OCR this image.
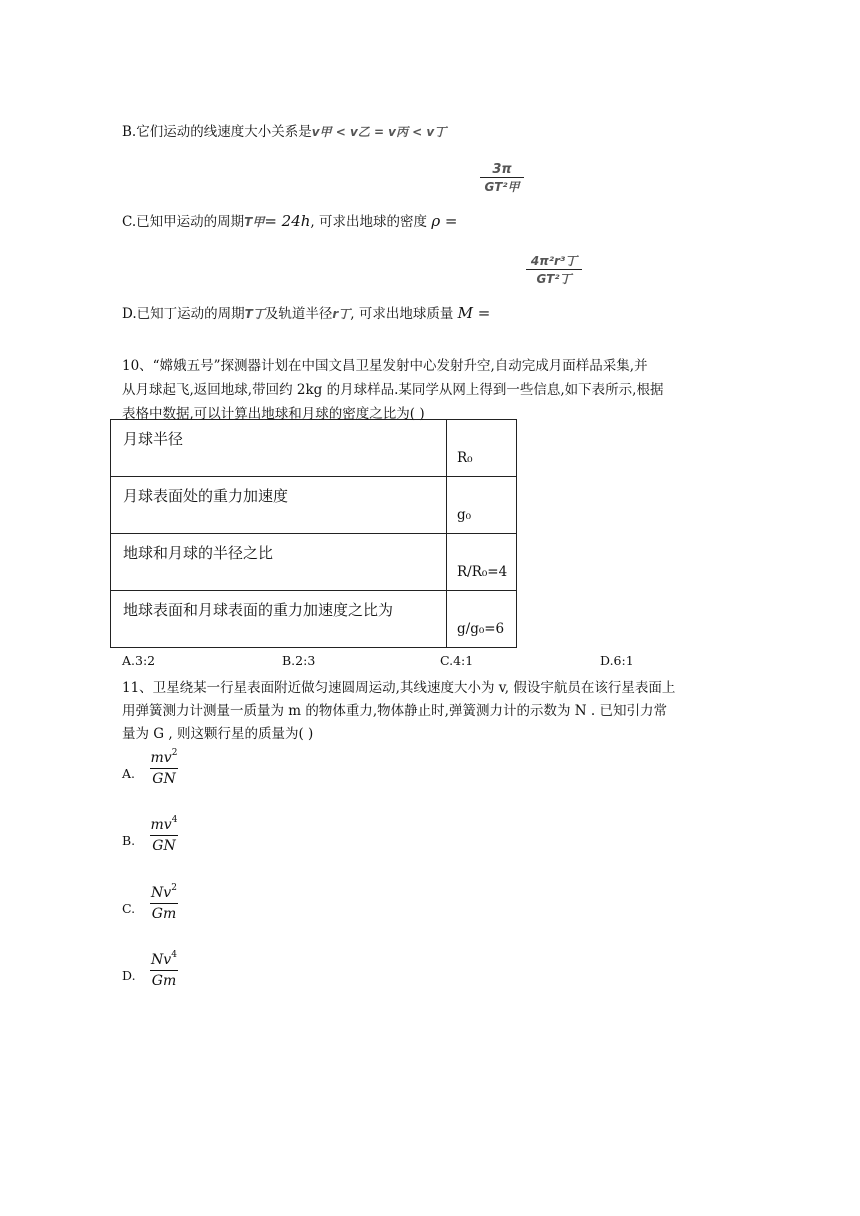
B.它们运动的线速度大小关系是v甲 < v乙 = v丙 < v丁
C.已知甲运动的周期T甲= 24h, 可求出地球的密度 ρ =
3π
GT²甲
D.已知丁运动的周期T丁及轨道半径r丁, 可求出地球质量 M =
4π²r³丁
GT²丁
10、“嫦娥五号”探测器计划在中国文昌卫星发射中心发射升空,自动完成月面样品采集,并
从月球起飞,返回地球,带回约 2kg 的月球样品.某同学从网上得到一些信息,如下表所示,根据
表格中数据,可以计算出地球和月球的密度之比为( )
月球半径	R₀

月球表面处的重力加速度	g₀

地球和月球的半径之比	R/R₀=4

地球表面和月球表面的重力加速度之比为	g/g₀=6
A.3:2	B.2:3	C.4:1	D.6:1
11、卫星绕某一行星表面附近做匀速圆周运动,其线速度大小为 v, 假设宇航员在该行星表面上
用弹簧测力计测量一质量为 m 的物体重力,物体静止时,弹簧测力计的示数为 N . 已知引力常
量为 G , 则这颗行星的质量为( )
A.
$mv^2$
GN
B.
$mv^4$
GN
C.
Nv$^2$
Gm
D.
Nv$^4$
Gm
